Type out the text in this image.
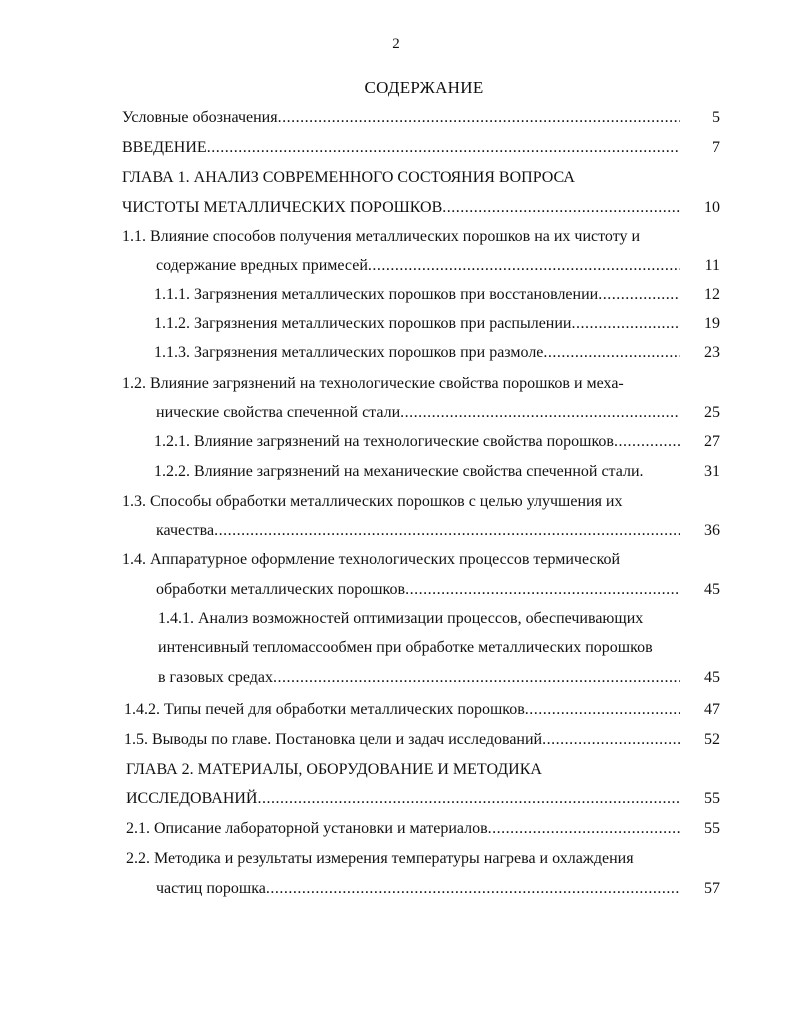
2
СОДЕРЖАНИЕ
Условные обозначения .....	5
ВВЕДЕНИЕ .....	7
ГЛАВА 1. АНАЛИЗ СОВРЕМЕННОГО СОСТОЯНИЯ ВОПРОСА
ЧИСТОТЫ МЕТАЛЛИЧЕСКИХ ПОРОШКОВ .....	10
1.1. Влияние способов получения металлических порошков на их чистоту и
содержание вредных примесей .....	11
1.1.1. Загрязнения металлических порошков при восстановлении .....	12
1.1.2. Загрязнения металлических порошков при распылении .....	19
1.1.3. Загрязнения металлических порошков при размоле .....	23
1.2. Влияние загрязнений на технологические свойства порошков и меха-
нические свойства спеченной стали .....	25
1.2.1. Влияние загрязнений на технологические свойства порошков .....	27
1.2.2. Влияние загрязнений на механические свойства спеченной стали.	31
1.3. Способы обработки металлических порошков с целью улучшения их
качества .....	36
1.4. Аппаратурное оформление технологических процессов термической
обработки металлических порошков .....	45
1.4.1. Анализ возможностей оптимизации процессов, обеспечивающих
интенсивный тепломассообмен при обработке металлических порошков
в газовых средах .....	45
1.4.2. Типы печей для обработки металлических порошков .....	47
1.5. Выводы по главе. Постановка цели и задач исследований .....	52
ГЛАВА 2. МАТЕРИАЛЫ, ОБОРУДОВАНИЕ И МЕТОДИКА
ИССЛЕДОВАНИЙ .....	55
2.1. Описание лабораторной установки и материалов .....	55
2.2. Методика и результаты измерения температуры нагрева и охлаждения
частиц порошка .....	57
